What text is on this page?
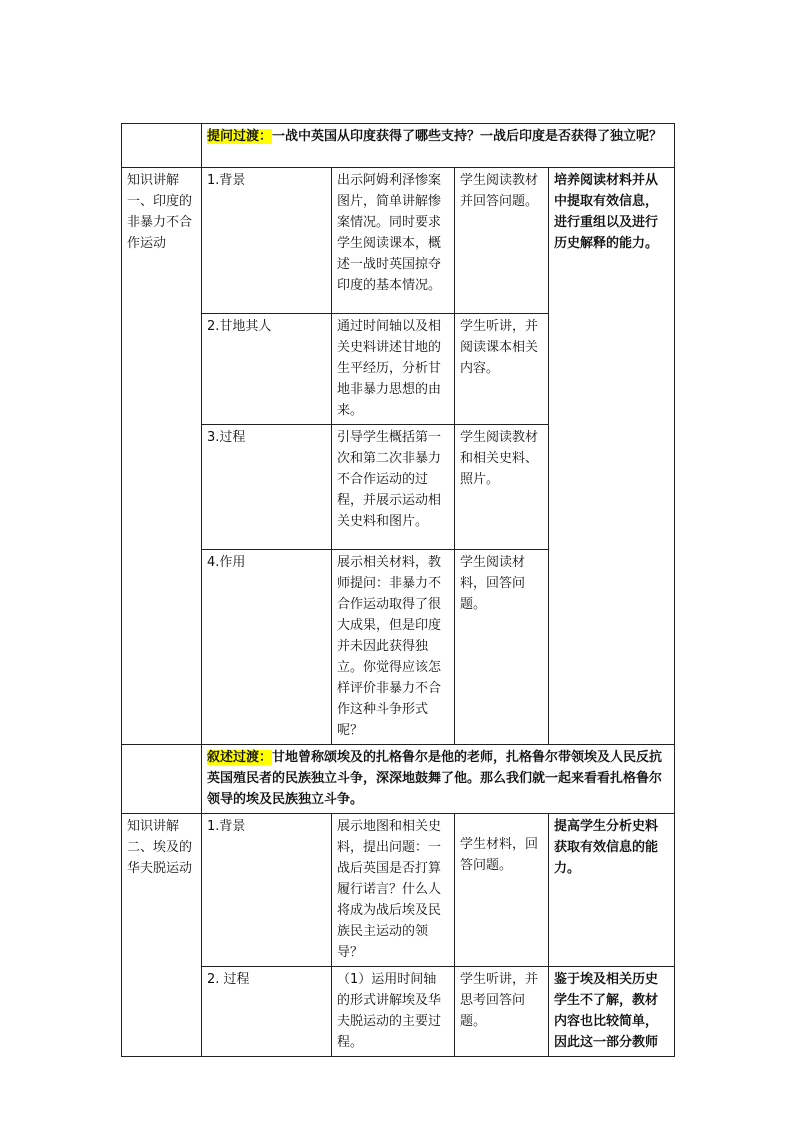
	提问过渡：一战中英国从印度获得了哪些支持？一战后印度是否获得了独立呢？			
知识讲解一、印度的非暴力不合作运动	1.背景	出示阿姆利泽惨案图片，简单讲解惨案情况。同时要求学生阅读课本，概述一战时英国掠夺印度的基本情况。	学生阅读教材并回答问题。	培养阅读材料并从中提取有效信息，进行重组以及进行历史解释的能力。
	2.甘地其人	通过时间轴以及相关史料讲述甘地的生平经历，分析甘地非暴力思想的由来。	学生听讲，并阅读课本相关内容。	
	3.过程	引导学生概括第一次和第二次非暴力不合作运动的过程，并展示运动相关史料和图片。	学生阅读教材和相关史料、照片。	
	4.作用	展示相关材料，教师提问：非暴力不合作运动取得了很大成果，但是印度并未因此获得独立。你觉得应该怎样评价非暴力不合作这种斗争形式呢？	学生阅读材料，回答问题。	
	叙述过渡：甘地曾称颂埃及的扎格鲁尔是他的老师，扎格鲁尔带领埃及人民反抗英国殖民者的民族独立斗争，深深地鼓舞了他。那么我们就一起来看看扎格鲁尔领导的埃及民族独立斗争。			
知识讲解二、埃及的华夫脱运动	1.背景	展示地图和相关史料，提出问题：一战后英国是否打算履行诺言？什么人将成为战后埃及民族民主运动的领导？	学生材料，回答问题。	提高学生分析史料获取有效信息的能力。
	2. 过程	（1）运用时间轴的形式讲解埃及华夫脱运动的主要过程。	学生听讲，并思考回答问题。	鉴于埃及相关历史学生不了解，教材内容也比较简单，因此这一部分教师
